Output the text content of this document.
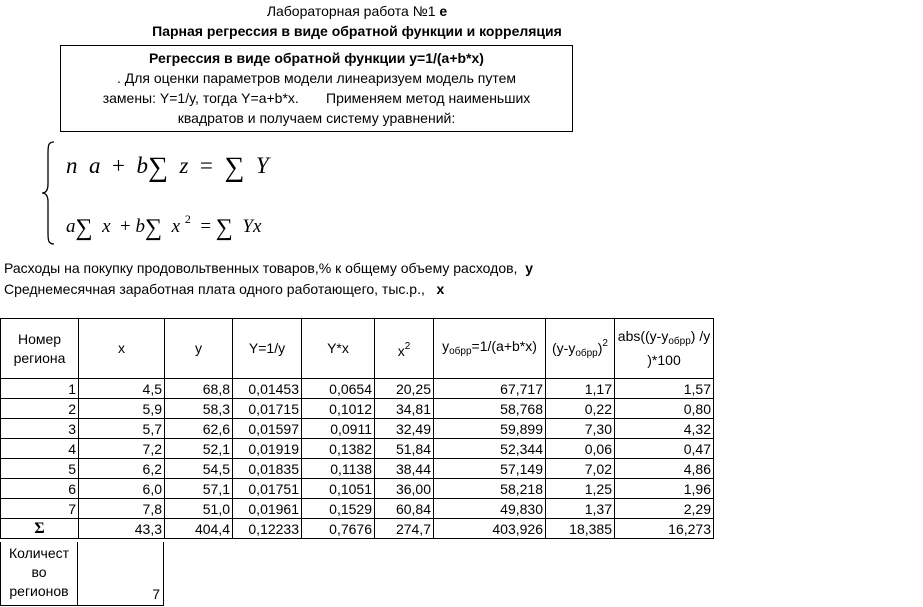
Лабораторная работа №1 е
Парная регрессия в виде обратной функции и корреляция
Регрессия в виде обратной функции y=1/(a+b*x)
. Для оценки параметров модели линеаризуем модель путем
замены: Y=1/y, тогда Y=a+b*x.       Применяем метод наименьших
квадратов и получаем систему уравнений:
n a + b∑ z = ∑ Y
a∑ x + b∑ x $^2$ = ∑ Yx
Расходы на покупку продовольтвенных товаров,% к общему объему расходов, y
Среднемесячная заработная плата одного работающего, тыс.р., x
Номер региона	x	y	Y=1/y	Y*x	$x^2$	$y_{обрр}=1/(a+b*x)$	$(y-y_{обрр})^2$	$abs((y-y_{обрр})$ /y )*100
1	4,5	68,8	0,01453	0,0654	20,25	67,717	1,17	1,57
2	5,9	58,3	0,01715	0,1012	34,81	58,768	0,22	0,80
3	5,7	62,6	0,01597	0,0911	32,49	59,899	7,30	4,32
4	7,2	52,1	0,01919	0,1382	51,84	52,344	0,06	0,47
5	6,2	54,5	0,01835	0,1138	38,44	57,149	7,02	4,86
6	6,0	57,1	0,01751	0,1051	36,00	58,218	1,25	1,96
7	7,8	51,0	0,01961	0,1529	60,84	49,830	1,37	2,29
Σ	43,3	404,4	0,12233	0,7676	274,7	403,926	18,385	16,273
Количест во регионов	7
